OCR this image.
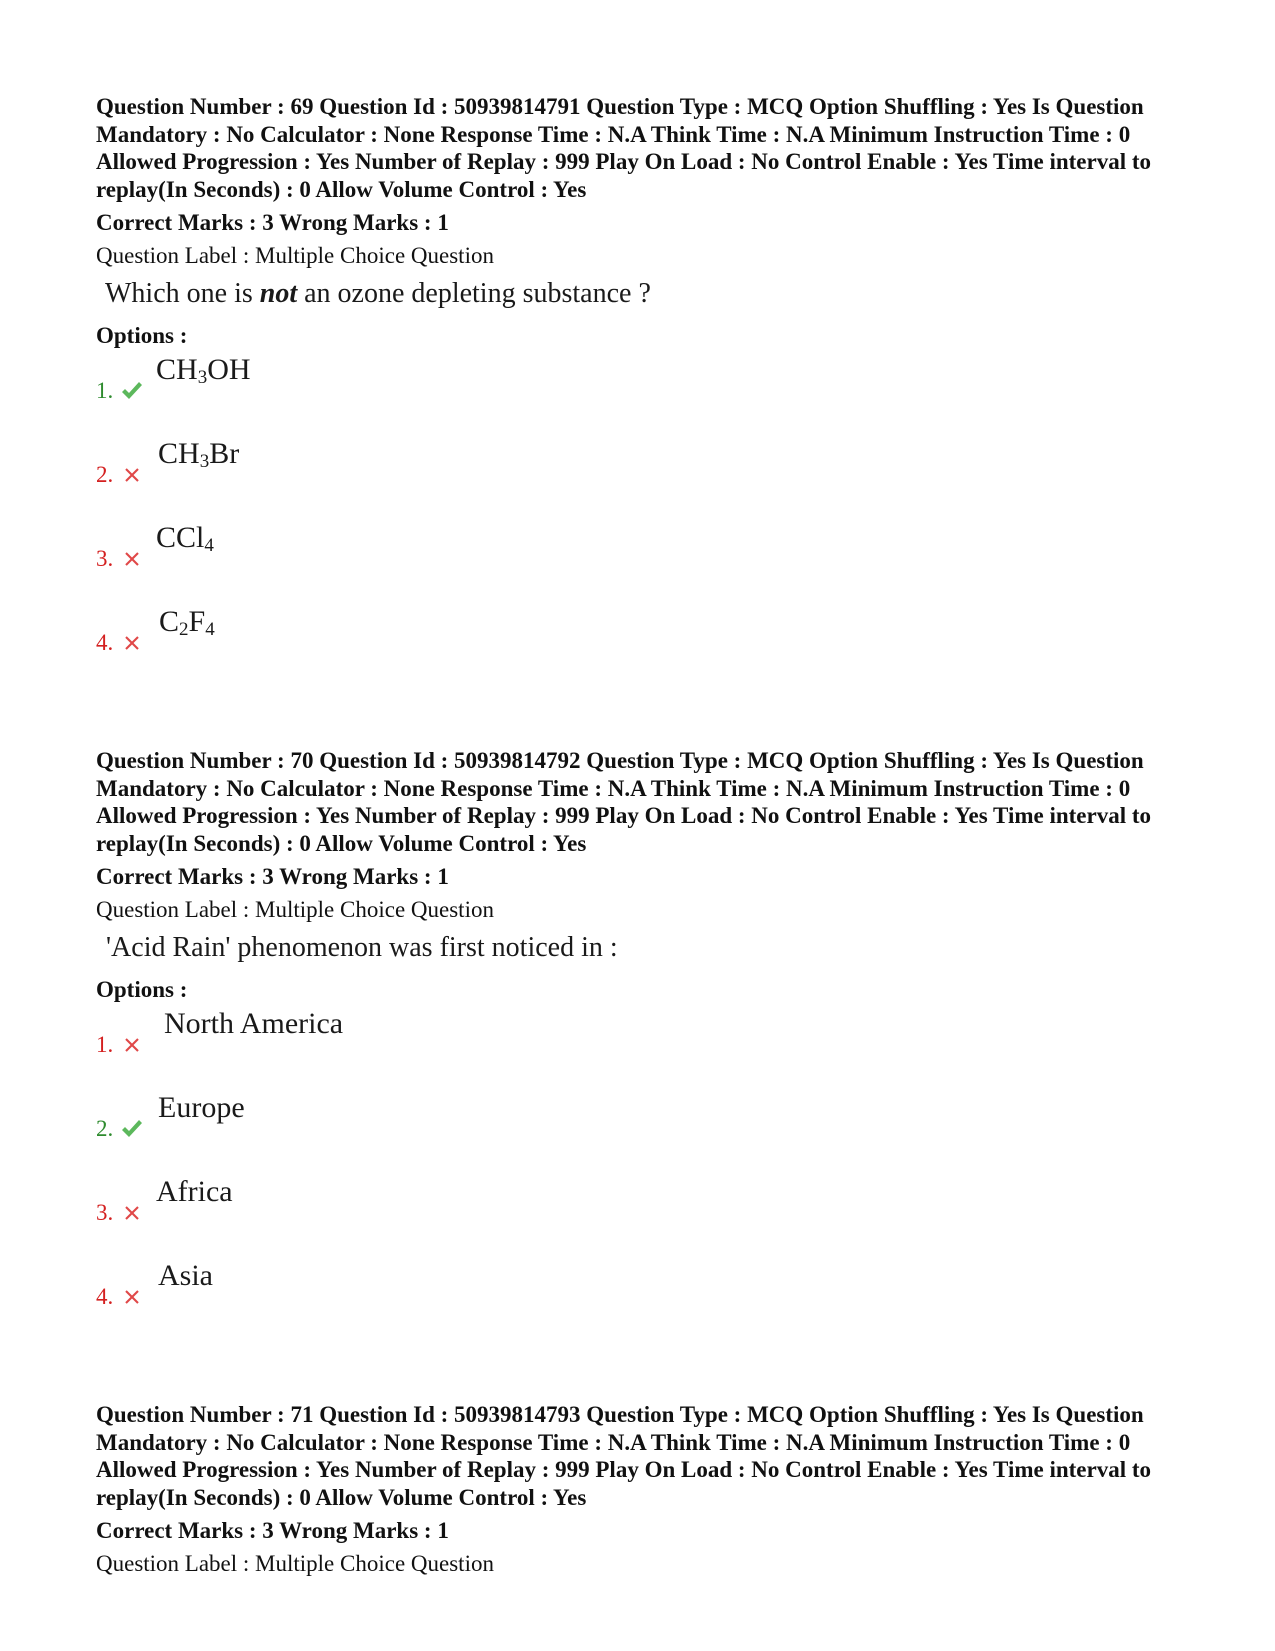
Question Number : 69 Question Id : 50939814791 Question Type : MCQ Option Shuffling : Yes Is Question Mandatory : No Calculator : None Response Time : N.A Think Time : N.A Minimum Instruction Time : 0 Allowed Progression : Yes Number of Replay : 999 Play On Load : No Control Enable : Yes Time interval to replay(In Seconds) : 0 Allow Volume Control : Yes

Correct Marks : 3 Wrong Marks : 1
Question Label : Multiple Choice Question
Which one is not an ozone depleting substance ?
Options :
1.
$CH_3OH$
2.
$CH_3Br$
3.
CCl$_4$
4.
$C_2F_4$

Question Number : 70 Question Id : 50939814792 Question Type : MCQ Option Shuffling : Yes Is Question Mandatory : No Calculator : None Response Time : N.A Think Time : N.A Minimum Instruction Time : 0 Allowed Progression : Yes Number of Replay : 999 Play On Load : No Control Enable : Yes Time interval to replay(In Seconds) : 0 Allow Volume Control : Yes

Correct Marks : 3 Wrong Marks : 1
Question Label : Multiple Choice Question
'Acid Rain' phenomenon was first noticed in :
Options :
1.
North America
2.
Europe
3.
Africa
4.
Asia

Question Number : 71 Question Id : 50939814793 Question Type : MCQ Option Shuffling : Yes Is Question Mandatory : No Calculator : None Response Time : N.A Think Time : N.A Minimum Instruction Time : 0 Allowed Progression : Yes Number of Replay : 999 Play On Load : No Control Enable : Yes Time interval to replay(In Seconds) : 0 Allow Volume Control : Yes

Correct Marks : 3 Wrong Marks : 1
Question Label : Multiple Choice Question
